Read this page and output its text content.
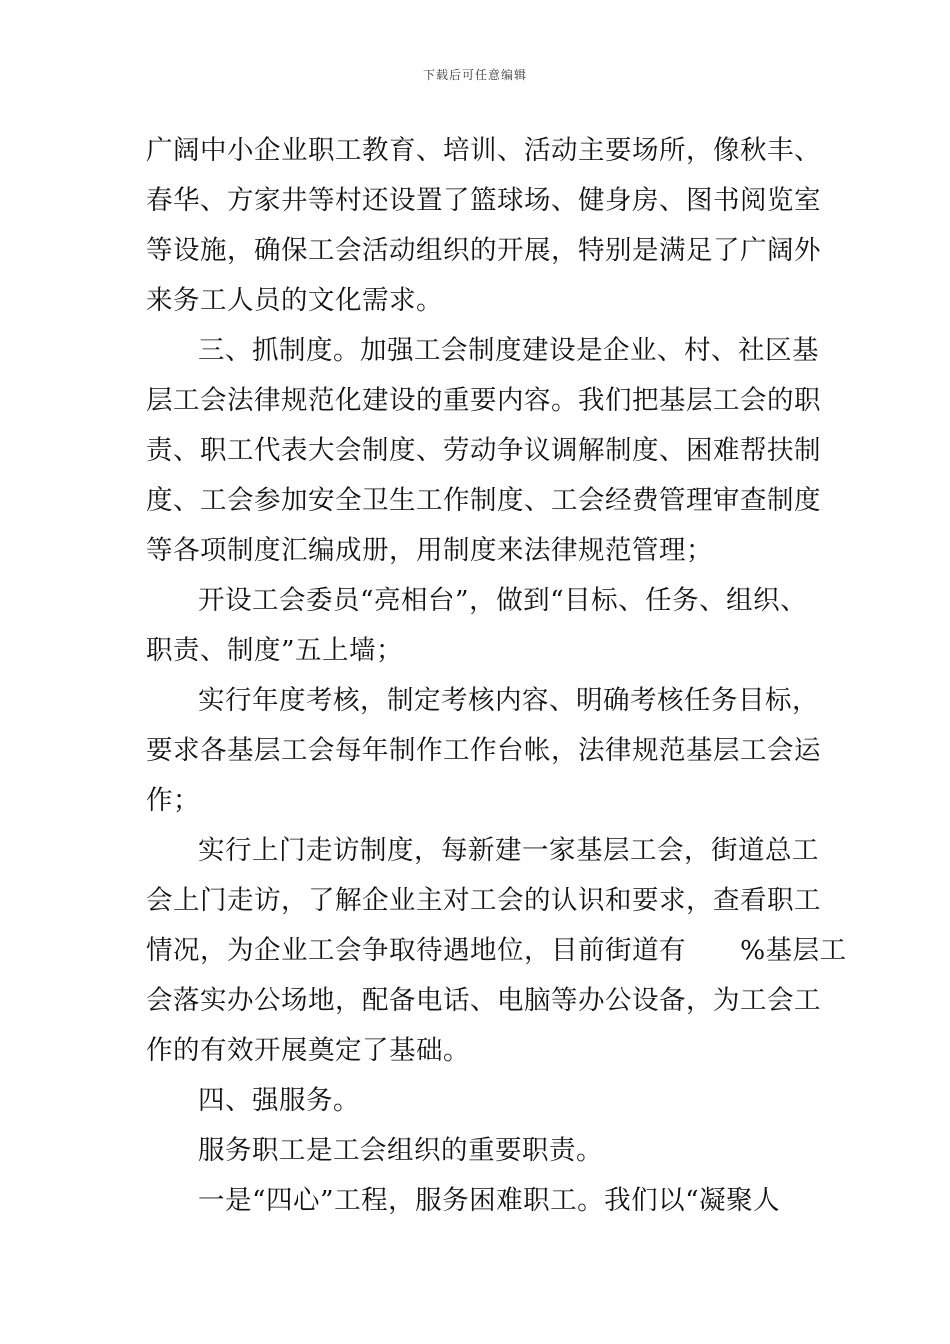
下载后可任意编辑
广阔中小企业职工教育、培训、活动主要场所，像秋丰、
春华、方家井等村还设置了篮球场、健身房、图书阅览室
等设施，确保工会活动组织的开展，特别是满足了广阔外
来务工人员的文化需求。
三、抓制度。加强工会制度建设是企业、村、社区基
层工会法律规范化建设的重要内容。我们把基层工会的职
责、职工代表大会制度、劳动争议调解制度、困难帮扶制
度、工会参加安全卫生工作制度、工会经费管理审查制度
等各项制度汇编成册，用制度来法律规范管理；
开设工会委员“亮相台”，做到“目标、任务、组织、
职责、制度”五上墙；
实行年度考核，制定考核内容、明确考核任务目标，
要求各基层工会每年制作工作台帐，法律规范基层工会运
作；
实行上门走访制度，每新建一家基层工会，街道总工
会上门走访，了解企业主对工会的认识和要求，查看职工
情况，为企业工会争取待遇地位，目前街道有　　%基层工
会落实办公场地，配备电话、电脑等办公设备，为工会工
作的有效开展奠定了基础。
四、强服务。
服务职工是工会组织的重要职责。
一是“四心”工程，服务困难职工。我们以“凝聚人
